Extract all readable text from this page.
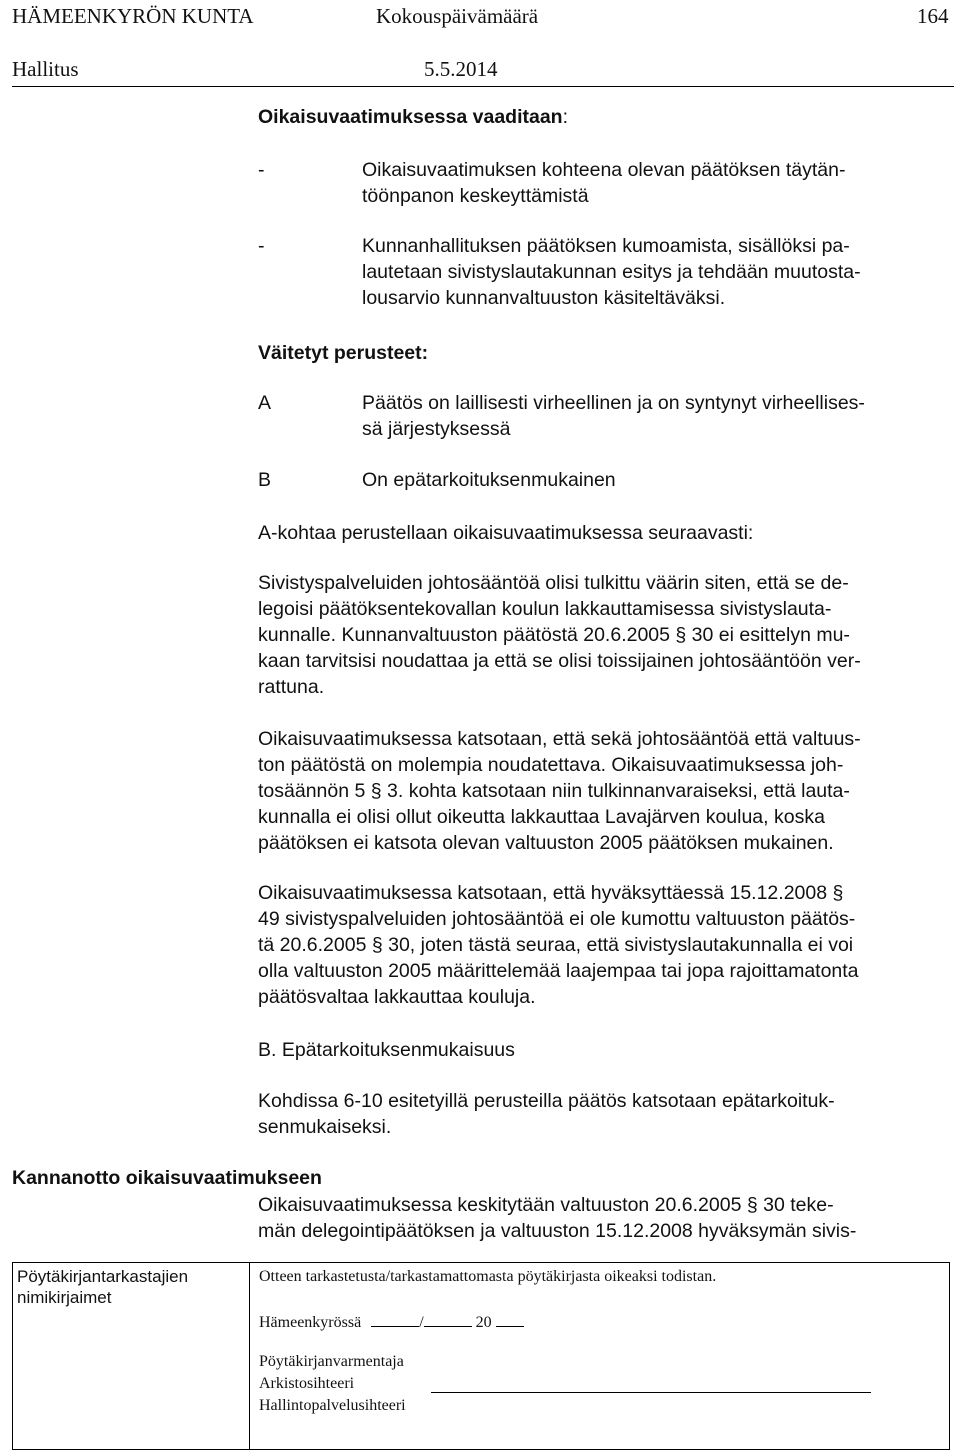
HÄMEENKYRÖN KUNTA	Kokouspäivämäärä	164
Hallitus	5.5.2014
Oikaisuvaatimuksessa vaaditaan:
-	Oikaisuvaatimuksen kohteena olevan päätöksen täytän-
töönpanon keskeyttämistä
-	Kunnanhallituksen päätöksen kumoamista, sisällöksi pa-
lautetaan sivistyslautakunnan esitys ja tehdään muutosta-
lousarvio kunnanvaltuuston käsiteltäväksi.
Väitetyt perusteet:
A	Päätös on laillisesti virheellinen ja on syntynyt virheellises-
sä järjestyksessä
B	On epätarkoituksenmukainen
A-kohtaa perustellaan oikaisuvaatimuksessa seuraavasti:

Sivistyspalveluiden johtosääntöä olisi tulkittu väärin siten, että se de-

legoisi päätöksentekovallan koulun lakkauttamisessa sivistyslauta-

kunnalle. Kunnanvaltuuston päätöstä 20.6.2005 § 30 ei esittelyn mu-

kaan tarvitsisi noudattaa ja että se olisi toissijainen johtosääntöön ver-

rattuna.

Oikaisuvaatimuksessa katsotaan, että sekä johtosääntöä että valtuus-

ton päätöstä on molempia noudatettava. Oikaisuvaatimuksessa joh-

tosäännön 5 § 3. kohta katsotaan niin tulkinnanvaraiseksi, että lauta-

kunnalla ei olisi ollut oikeutta lakkauttaa Lavajärven koulua, koska

päätöksen ei katsota olevan valtuuston 2005 päätöksen mukainen.

Oikaisuvaatimuksessa katsotaan, että hyväksyttäessä 15.12.2008 §

49 sivistyspalveluiden johtosääntöä ei ole kumottu valtuuston päätös-

tä 20.6.2005 § 30, joten tästä seuraa, että sivistyslautakunnalla ei voi

olla valtuuston 2005 määrittelemää laajempaa tai jopa rajoittamatonta

päätösvaltaa lakkauttaa kouluja.

B. Epätarkoituksenmukaisuus

Kohdissa 6-10 esitetyillä perusteilla päätös katsotaan epätarkoituk-

senmukaiseksi.

Kannanotto oikaisuvaatimukseen

Oikaisuvaatimuksessa keskitytään valtuuston 20.6.2005 § 30 teke-

män delegointipäätöksen ja valtuuston 15.12.2008 hyväksymän sivis-

Pöytäkirjantarkastajien
nimikirjaimet
Otteen tarkastetusta/tarkastamattomasta pöytäkirjasta oikeaksi todistan.
Hämeenkyrössä	/	20
Pöytäkirjanvarmentaja
Arkistosihteeri
Hallintopalvelusihteeri
